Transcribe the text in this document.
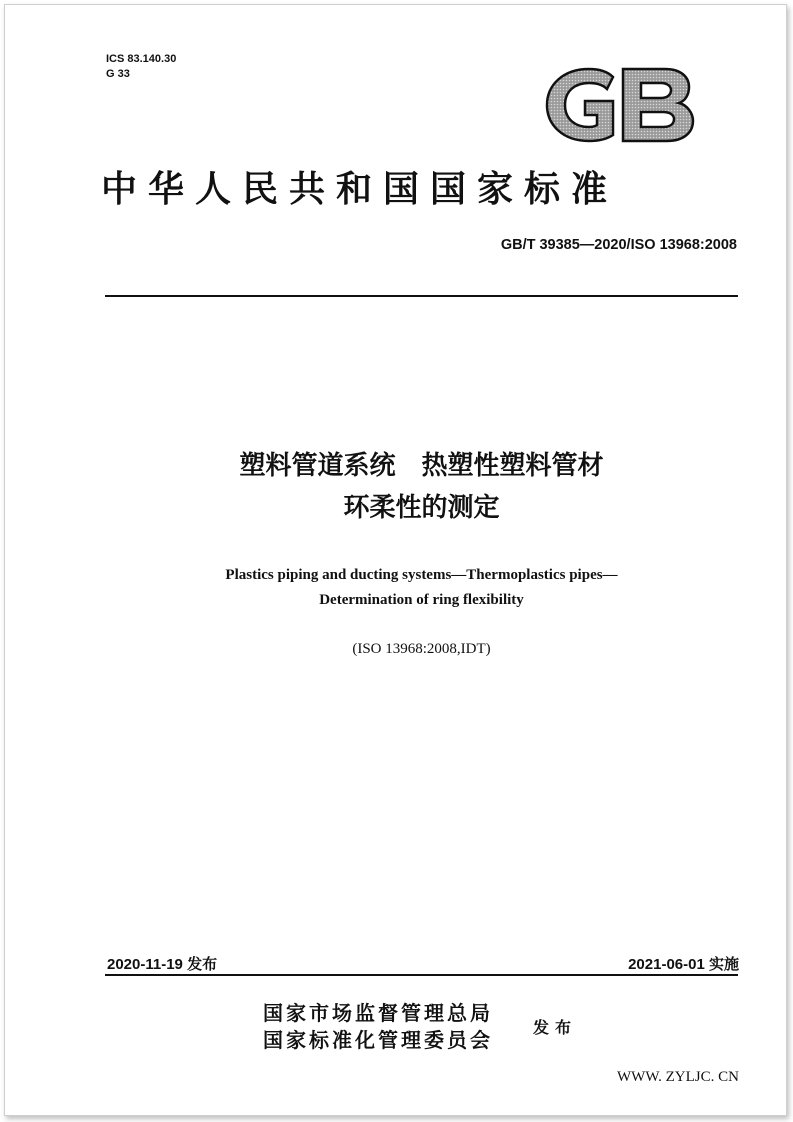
ICS 83.140.30
G 33
中华人民共和国国家标准
GB/T 39385—2020/ISO 13968:2008
塑料管道系统　热塑性塑料管材
环柔性的测定
Plastics piping and ducting systems—Thermoplastics pipes—
Determination of ring flexibility
(ISO 13968:2008,IDT)
2020-11-19 发布	2021-06-01 实施
国家市场监督管理总局
国家标准化管理委员会
发布
WWW. ZYLJC. CN
